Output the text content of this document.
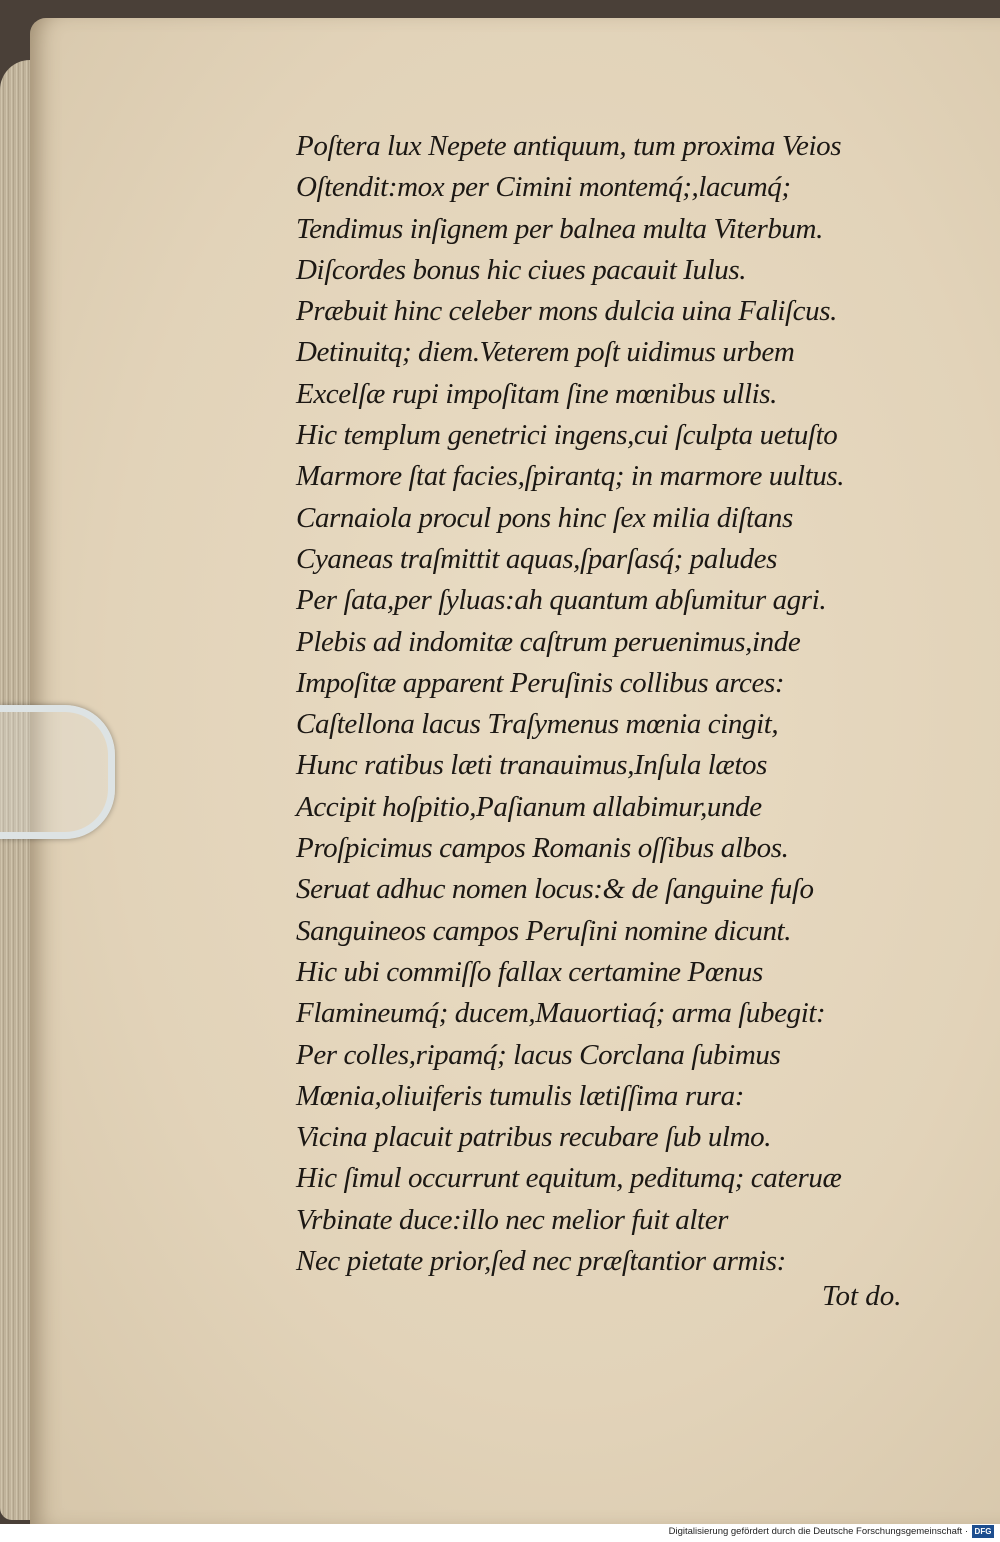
Poſtera lux Nepete antiquum, tum proxima Veios
Oſtendit:mox per Cimini montemq́;,lacumq́;
Tendimus inſignem per balnea multa Viterbum.
Diſcordes bonus hic ciues pacauit Iulus.
Præbuit hinc celeber mons dulcia uina Faliſcus.
Detinuitq; diem.Veterem poſt uidimus urbem
Excelſæ rupi impoſitam ſine mœnibus ullis.
Hic templum genetrici ingens,cui ſculpta uetuſto
Marmore ſtat facies,ſpirantq; in marmore uultus.
Carnaiola procul pons hinc ſex milia diſtans
Cyaneas traſmittit aquas,ſparſasq́; paludes
Per ſata,per ſyluas:ah quantum abſumitur agri.
Plebis ad indomitæ caſtrum peruenimus,inde
Impoſitæ apparent Peruſinis collibus arces:
Caſtellona lacus Traſymenus mœnia cingit,
Hunc ratibus læti tranauimus,Inſula lætos
Accipit hoſpitio,Paſianum allabimur,unde
Proſpicimus campos Romanis oſſibus albos.
Seruat adhuc nomen locus:& de ſanguine fuſo
Sanguineos campos Peruſini nomine dicunt.
Hic ubi commiſſo fallax certamine Pœnus
Flamineumq́; ducem,Mauortiaq́; arma ſubegit:
Per colles,ripamq́; lacus Corclana ſubimus
Mœnia,oliuiferis tumulis lætiſſima rura:
Vicina placuit patribus recubare ſub ulmo.
Hic ſimul occurrunt equitum, peditumq; cateruæ
Vrbinate duce:illo nec melior fuit alter
Nec pietate prior,ſed nec præſtantior armis:
Tot do.
Digitalisierung gefördert durch die Deutsche Forschungsgemeinschaft · DFG
